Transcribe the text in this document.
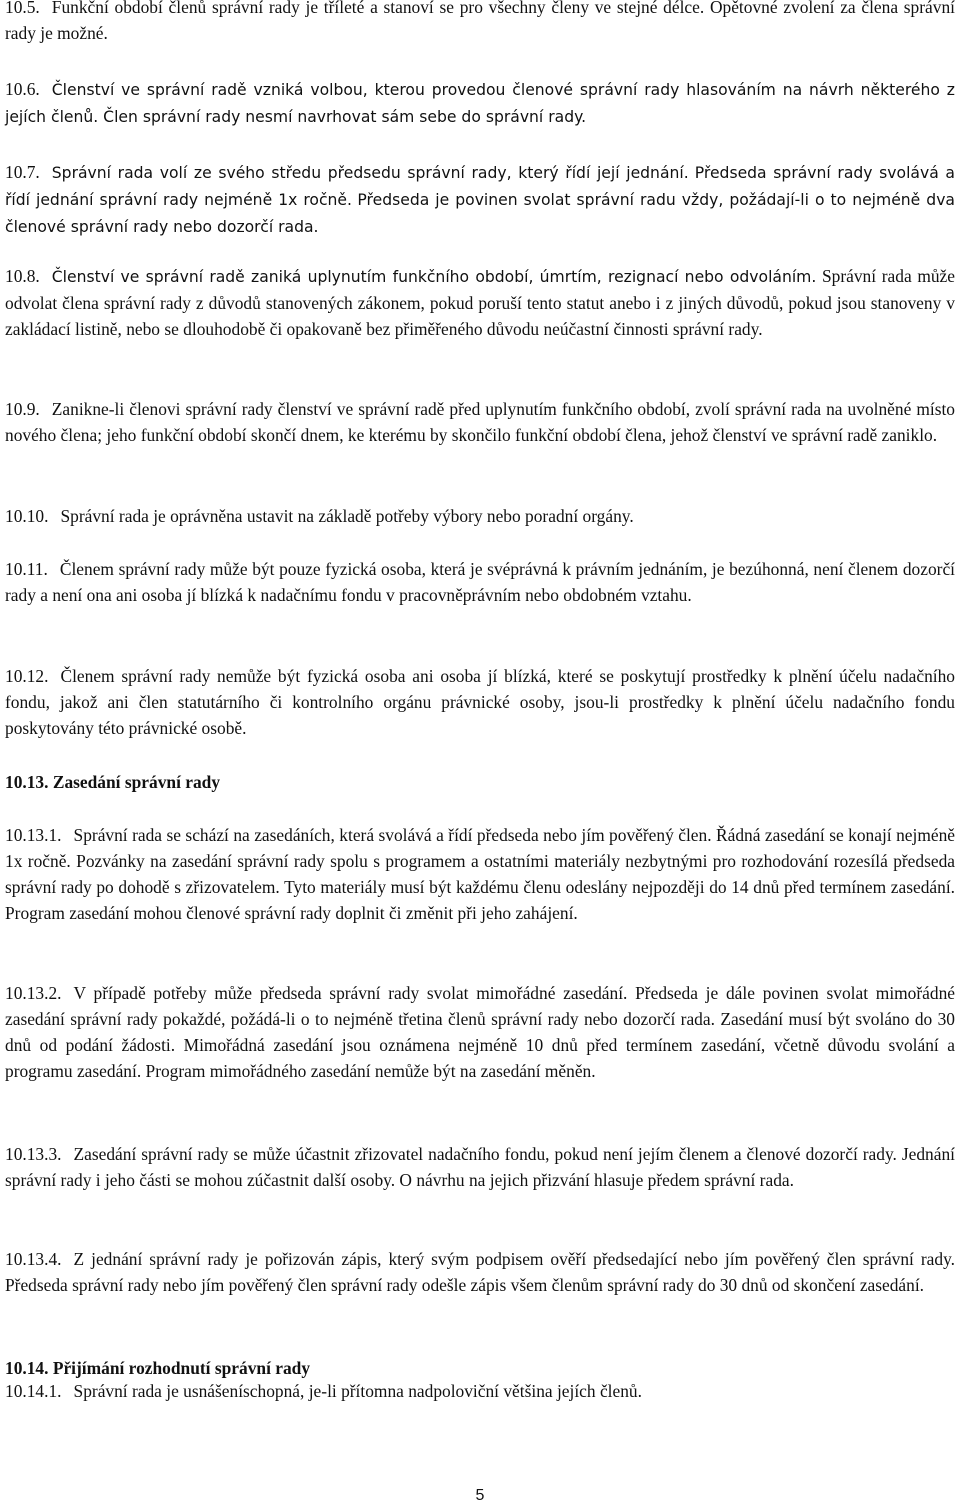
10.5. Funkční období členů správní rady je tříleté a stanoví se pro všechny členy ve stejné délce. Opětovné zvolení za člena správní rady je možné.

10.6. Členství ve správní radě vzniká volbou, kterou provedou členové správní rady hlasováním na návrh některého z jejích členů. Člen správní rady nesmí navrhovat sám sebe do správní rady.

10.7. Správní rada volí ze svého středu předsedu správní rady, který řídí její jednání. Předseda správní rady svolává a řídí jednání správní rady nejméně 1x ročně. Předseda je povinen svolat správní radu vždy, požádají-li o to nejméně dva členové správní rady nebo dozorčí rada.

10.8. Členství ve správní radě zaniká uplynutím funkčního období, úmrtím, rezignací nebo odvoláním. Správní rada může odvolat člena správní rady z důvodů stanovených zákonem, pokud poruší tento statut anebo i z jiných důvodů, pokud jsou stanoveny v zakládací listině, nebo se dlouhodobě či opakovaně bez přiměřeného důvodu neúčastní činnosti správní rady.

10.9. Zanikne-li členovi správní rady členství ve správní radě před uplynutím funkčního období, zvolí správní rada na uvolněné místo nového člena; jeho funkční období skončí dnem, ke kterému by skončilo funkční období člena, jehož členství ve správní radě zaniklo.

10.10. Správní rada je oprávněna ustavit na základě potřeby výbory nebo poradní orgány.

10.11. Členem správní rady může být pouze fyzická osoba, která je svéprávná k právním jednáním, je bezúhonná, není členem dozorčí rady a není ona ani osoba jí blízká k nadačnímu fondu v pracovněprávním nebo obdobném vztahu.

10.12. Členem správní rady nemůže být fyzická osoba ani osoba jí blízká, které se poskytují prostředky k plnění účelu nadačního fondu, jakož ani člen statutárního či kontrolního orgánu právnické osoby, jsou-li prostředky k plnění účelu nadačního fondu poskytovány této právnické osobě.

10.13. Zasedání správní rady

10.13.1. Správní rada se schází na zasedáních, která svolává a řídí předseda nebo jím pověřený člen. Řádná zasedání se konají nejméně 1x ročně. Pozvánky na zasedání správní rady spolu s programem a ostatními materiály nezbytnými pro rozhodování rozesílá předseda správní rady po dohodě s zřizovatelem. Tyto materiály musí být každému členu odeslány nejpozději do 14 dnů před termínem zasedání. Program zasedání mohou členové správní rady doplnit či změnit při jeho zahájení.

10.13.2. V případě potřeby může předseda správní rady svolat mimořádné zasedání. Předseda je dále povinen svolat mimořádné zasedání správní rady pokaždé, požádá-li o to nejméně třetina členů správní rady nebo dozorčí rada. Zasedání musí být svoláno do 30 dnů od podání žádosti. Mimořádná zasedání jsou oznámena nejméně 10 dnů před termínem zasedání, včetně důvodu svolání a programu zasedání. Program mimořádného zasedání nemůže být na zasedání měněn.

10.13.3. Zasedání správní rady se může účastnit zřizovatel nadačního fondu, pokud není jejím členem a členové dozorčí rady. Jednání správní rady i jeho části se mohou zúčastnit další osoby. O návrhu na jejich přizvání hlasuje předem správní rada.

10.13.4. Z jednání správní rady je pořizován zápis, který svým podpisem ověří předsedající nebo jím pověřený člen správní rady. Předseda správní rady nebo jím pověřený člen správní rady odešle zápis všem členům správní rady do 30 dnů od skončení zasedání.

10.14. Přijímání rozhodnutí správní rady

10.14.1. Správní rada je usnášeníschopná, je-li přítomna nadpoloviční většina jejích členů.

5
